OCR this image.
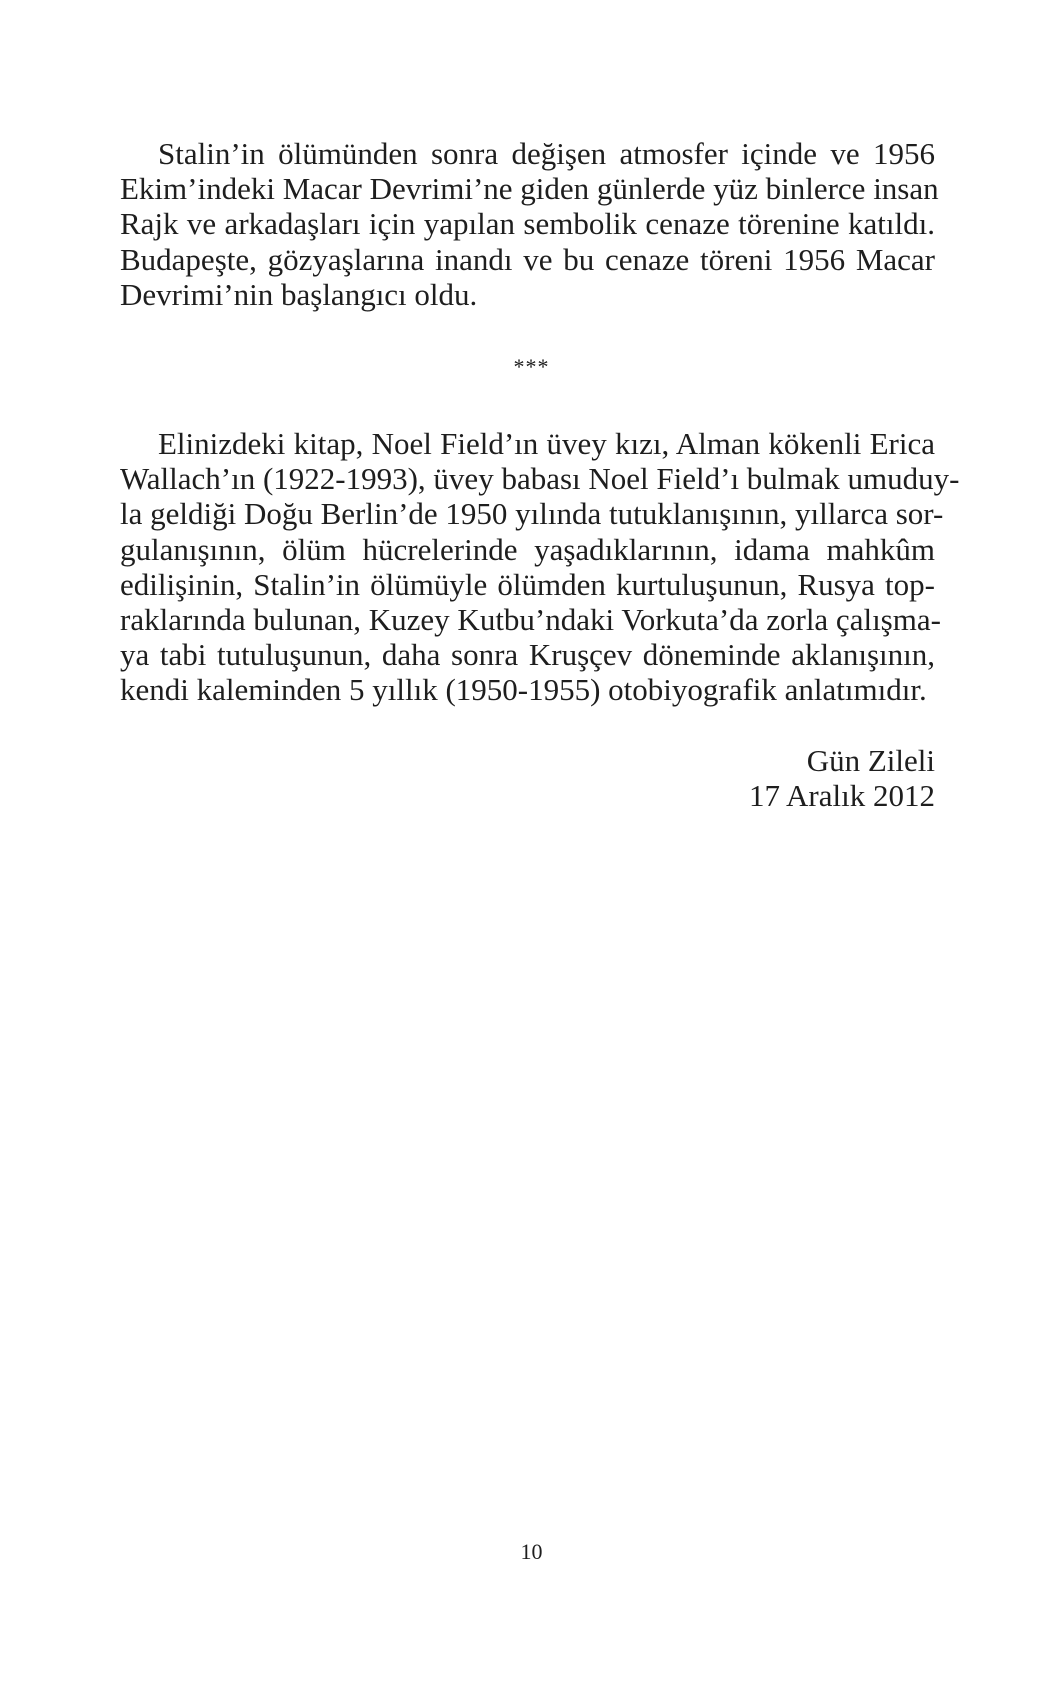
Stalin’in ölümünden sonra değişen atmosfer içinde ve 1956
Ekim’indeki Macar Devrimi’ne giden günlerde yüz binlerce insan
Rajk ve arkadaşları için yapılan sembolik cenaze törenine katıldı.
Budapeşte, gözyaşlarına inandı ve bu cenaze töreni 1956 Macar
Devrimi’nin başlangıcı oldu.
***
Elinizdeki kitap, Noel Field’ın üvey kızı, Alman kökenli Erica
Wallach’ın (1922-1993), üvey babası Noel Field’ı bulmak umuduy-
la geldiği Doğu Berlin’de 1950 yılında tutuklanışının, yıllarca sor-
gulanışının, ölüm hücrelerinde yaşadıklarının, idama mahkûm
edilişinin, Stalin’in ölümüyle ölümden kurtuluşunun, Rusya top-
raklarında bulunan, Kuzey Kutbu’ndaki Vorkuta’da zorla çalışma-
ya tabi tutuluşunun, daha sonra Kruşçev döneminde aklanışının,
kendi kaleminden 5 yıllık (1950-1955) otobiyografik anlatımıdır.
Gün Zileli
17 Aralık 2012
10
